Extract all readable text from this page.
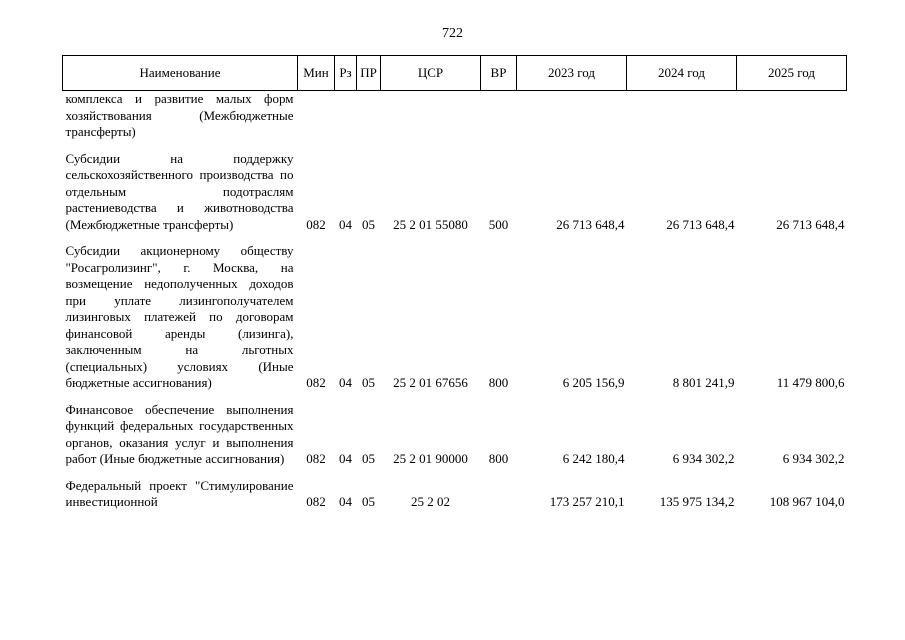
722
Наименование	Мин	Рз	ПР	ЦСР	ВР	2023 год	2024 год	2025 год
комплекса и развитие малых форм хозяйствования (Межбюджетные трансферты)								

Субсидии на поддержку сельскохозяйственного производства по отдельным подотраслям растениеводства и животноводства (Межбюджетные трансферты)	082	04	05	25 2 01 55080	500	26 713 648,4	26 713 648,4	26 713 648,4

Субсидии акционерному обществу "Росагролизинг", г. Москва, на возмещение недополученных доходов при уплате лизингополучателем лизинговых платежей по договорам финансовой аренды (лизинга), заключенным на льготных (специальных) условиях (Иные бюджетные ассигнования)	082	04	05	25 2 01 67656	800	6 205 156,9	8 801 241,9	11 479 800,6

Финансовое обеспечение выполнения функций федеральных государственных органов, оказания услуг и выполнения работ (Иные бюджетные ассигнования)	082	04	05	25 2 01 90000	800	6 242 180,4	6 934 302,2	6 934 302,2

Федеральный проект "Стимулирование инвестиционной	082	04	05	25 2 02		173 257 210,1	135 975 134,2	108 967 104,0
